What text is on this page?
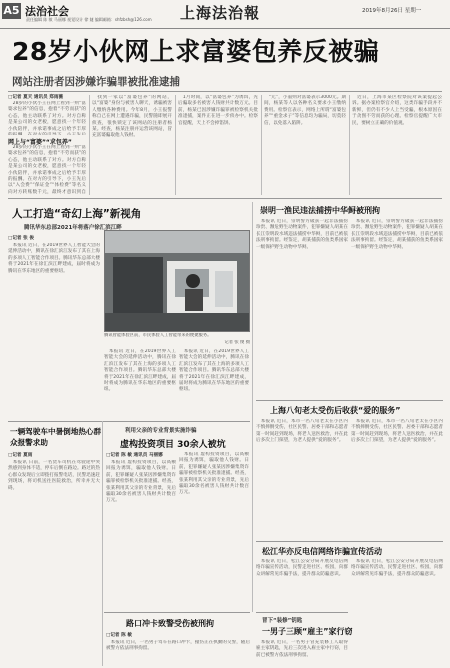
A5 法治社会
责任编辑 陈 敏 马丽娜 视觉设计 徐 婕 编辑邮箱：shfzbsh@126.com 上海法治報	2019年8月26日 星期一
28岁小伙网上求富婆包养反被骗
网站注册者因涉嫌诈骗罪被批准逮捕
□记者 夏天 通讯员 郑雨薇
28岁的小伙小王在网上看到一则“富婆求包养”的信息，抱着“不劳而获”的心态，他主动联系了对方。对方自称是某公司的女老板，愿意找一个年轻小伙陪伴，并承诺事成之后给予丰厚
网上与“富婆”“求包养”
28岁的小伙小王在网上看到一则“富婆求包养”的信息，抱着“不劳而获”的心态，他主动联系了对方。对方自称是某公司的女老板，愿意找一个年轻小伙陪伴，并承诺事成之后给予丰厚的报酬。在对方的引导下，小王先后以“入会费”“保证金”“体检费”等名义向对方转账数千元，最终才意识到自
找到一家以“富婆包养”的网站，以“富婆”身份与被害人聊天，诱骗被害人缴纳各种费用。今年8月，小王报警称自己在网上遭遇诈骗，民警随即展开侦查，很快锁定了该网站的注册者杨某。经查，杨某注册并运营该网站，冒充富婆骗取他人钱财。
1月时间，以“富婆包养”为诱饵，先后骗取多名被害人钱财共计数万元。目前，杨某已因涉嫌诈骗罪被检察机关批准逮捕，案件正在进一步侦办中。检察官提醒，天上不会掉馅饼。
“元”，小董则对富婆表示3000元。期间，杨某等人以各种名义要求小王缴纳费用。检察官表示，网络上所谓“富婆包养”“重金求子”等信息均为骗局，切莫轻信，以免落入陷阱。
近日，上海市某区检察院对该案提起公诉。据办案检察官介绍，这类诈骗手段并不新鲜，但仍有不少人上当受骗，根本原因在于贪图不劳而获的心理。检察官提醒广大市民，要树立正确的价值观。
人工打造“奇幻上海”新视角
腾讯华东总部2021年将落户徐汇滨江畔
□记者 张 俊
本报讯 近日，在2019世界人工智能大会的延伸活动中，腾讯在徐汇滨江发布了其在上海的多项人工智能合作项目。腾讯华东总部大楼将于2021年在徐汇滨江畔建成，届时将成为腾讯在华东地区的重要枢纽。
腾讯智能体验区前，市民体验人工智能带来的便捷服务。
记者 张 俊 摄
本报讯 近日，在2019世界人工智能大会的延伸活动中，腾讯在徐汇滨江发布了其在上海的多项人工智能合作项目。腾讯华东总部大楼将于2021年在徐汇滨江畔建成，届时将成为腾讯在华东地区的重要枢纽。
本报讯 近日，在2019世界人工智能大会的延伸活动中，腾讯在徐汇滨江发布了其在上海的多项人工智能合作项目。腾讯华东总部大楼将于2021年在徐汇滨江畔建成，届时将成为腾讯在华东地区的重要枢纽。
一辆驾驶车中暑倒地热心群众报警求助
□记者 夏雨
本报讯 日前，一名货车司机在驾驶途中突然感到身体不适，停车后倒在路边。路过的热心群众发现后立即拨打报警电话，民警迅速赶到现场，将司机送往医院救治，所幸并无大碍。
利用父亲的专业背景实施诈骗
虚构投资项目 30余人被坑
□记者 陈 敏 通讯员 马丽娜
本报讯 虚构投资项目，以高额回报为诱饵，骗取他人钱财。日前，犯罪嫌疑人张某因涉嫌集资诈骗罪被检察机关批准逮捕。经查，张某利用其父亲的专业背景，先后骗取30余名被害人钱财共计数百万元。
本报讯 虚构投资项目，以高额回报为诱饵，骗取他人钱财。日前，犯罪嫌疑人张某因涉嫌集资诈骗罪被检察机关批准逮捕。经查，张某利用其父亲的专业背景，先后骗取30余名被害人钱财共计数百万元。
路口冲卡致警受伤被刑拘
□记者 陈 敏
本报讯 近日，一名男子驾车在路口冲卡，撞伤正在执勤的交警，随后被警方依法刑事拘留。
崇明一渔民违法捕捞中华鲟被刑拘
本报讯 近日，崇明警方破获一起非法捕捞珍贵、濒危野生动物案件，犯罪嫌疑人胡某在长江崇明段水域违法捕捞中华鲟，目前已被依法刑事拘留。经鉴定，胡某捕获的鱼类系国家一级保护野生动物中华鲟。
本报讯 近日，崇明警方破获一起非法捕捞珍贵、濒危野生动物案件，犯罪嫌疑人胡某在长江崇明段水域违法捕捞中华鲟，目前已被依法刑事拘留。经鉴定，胡某捕获的鱼类系国家一级保护野生动物中华鲟。
上海八旬老太受伤后收获“爱的服务”
本报讯 近日，本市一名八旬老太在小区内不慎摔倒受伤，社区民警、居委干部和志愿者第一时间赶到现场，将老人送医救治，并在此后多次上门探望，为老人提供“爱的服务”。
本报讯 近日，本市一名八旬老太在小区内不慎摔倒受伤，社区民警、居委干部和志愿者第一时间赶到现场，将老人送医救治，并在此后多次上门探望，为老人提供“爱的服务”。
松江华亦反电信网络诈骗宣传活动
本报讯 近日，松江公安分局开展反电信网络诈骗宣传活动，民警走进社区、校园，向群众讲解常见诈骗手法，提升群众防骗意识。
本报讯 近日，松江公安分局开展反电信网络诈骗宣传活动，民警走进社区、校园，向群众讲解常见诈骗手法，提升群众防骗意识。
冒下“装修”钥匙
一男子三顾“雇主”家行窃
本报讯 近日，一名男子冒充装修工人取得雇主家钥匙，先后三次进入雇主家中行窃，目前已被警方依法刑事拘留。
